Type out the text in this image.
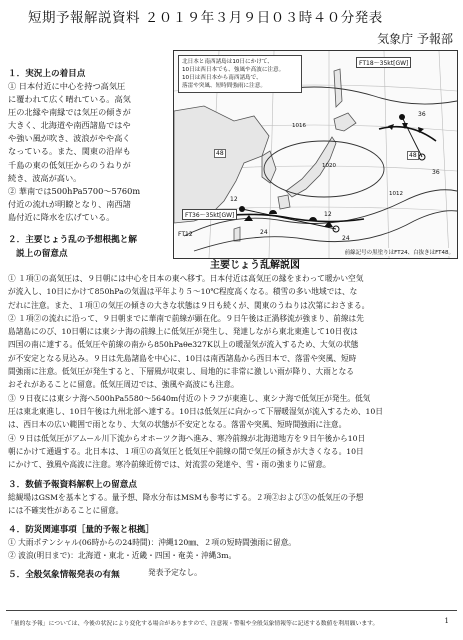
短期予報解説資料 ２０１９年３月９日０３時４０分発表
気象庁 予報部
１．実況上の着目点
① 日本付近に中心を持つ高気圧
に覆われて広く晴れている。高気
圧の北縁や南縁では気圧の傾きが
大きく、北海道や南西諸島ではや
や強い風が吹き、波浪がやや高く
なっている。また、関東の沿岸も
千島の東の低気圧からのうねりが
続き、波高が高い。
② 華南では500hPa5700～5760m
付近の流れが明瞭となり、南西諸
島付近に降水を広げている。
２．主要じょう乱の予想根拠と解
説上の留意点
北日本と南西諸島は10日にかけて、
10日は西日本でも、強風や高波に注意。
10日は西日本から南西諸島で、
落雷や突風、短時間強雨に注意。
FT18～35kt[GW]
FT36～35kt[GW]
FT12
48	48
36
36
24
24
12
12
1020
1016
1012
前線記号の黒塗りはFT24、白抜きはFT48。
主要じょう乱解説図
① １項①の高気圧は、９日朝には中心を日本の東へ移す。日本付近は高気圧の縁をまわって暖かい空気
が流入し、10日にかけて850hPaの気温は平年より５～10℃程度高くなる。積雪の多い地域では、な
だれに注意。また、１項①の気圧の傾きの大きな状態は９日も続くが、関東のうねりは次第におさまる。
② １項②の流れに沿って、９日朝までに華南で前線が顕在化。９日午後は正渦移流が強まり、前線は先
島諸島にのび、10日朝には東シナ海の前線上に低気圧が発生し、発達しながら東北東進して10日夜は
四国の南に達する。低気圧や前線の南から850hPaθe327K以上の暖湿気が流入するため、大気の状態
が不安定となる見込み。９日は先島諸島を中心に、10日は南西諸島から西日本で、落雷や突風、短時
間強雨に注意。低気圧が発生すると、下層風が収束し、局地的に非常に激しい雨が降り、大雨となる
おそれがあることに留意。低気圧周辺では、強風や高波にも注意。
③ ９日夜には東シナ海へ500hPa5580～5640m付近のトラフが東進し、東シナ海で低気圧が発生。低気
圧は東北東進し、10日午後は九州北部へ達する。10日は低気圧に向かって下層暖湿気が流入するため、10日
は、西日本の広い範囲で雨となり、大気の状態が不安定となる。落雷や突風、短時間強雨に注意。
④ ９日は低気圧がアムール川下流からオホーツク海へ進み、寒冷前線が北海道地方を９日午後から10日
朝にかけて通過する。北日本は、１項①の高気圧と低気圧や前線の間で気圧の傾きが大きくなる。10日
にかけて、強風や高波に注意。寒冷前線近傍では、対流雲の発達や、雪・雨の強まりに留意。
３．数値予報資料解釈上の留意点
総観場はGSMを基本とする。量予想、降水分布はMSMも参考にする。２項②および③の低気圧の予想
には不確実性があることに留意。
４．防災関連事項［量的予報と根拠］
① 大雨ポテンシャル(06時からの24時間)：沖縄120㎜、２項の短時間強雨に留意。
② 波浪(明日まで)：北海道・東北・近畿・四国・奄美・沖縄3m。
５．全般気象情報発表の有無	発表予定なし。
「量的な予報」については、今後の状況により変化する場合がありますので、注意報・警報や全般気象情報等に記述する数値を利用願います。	1
